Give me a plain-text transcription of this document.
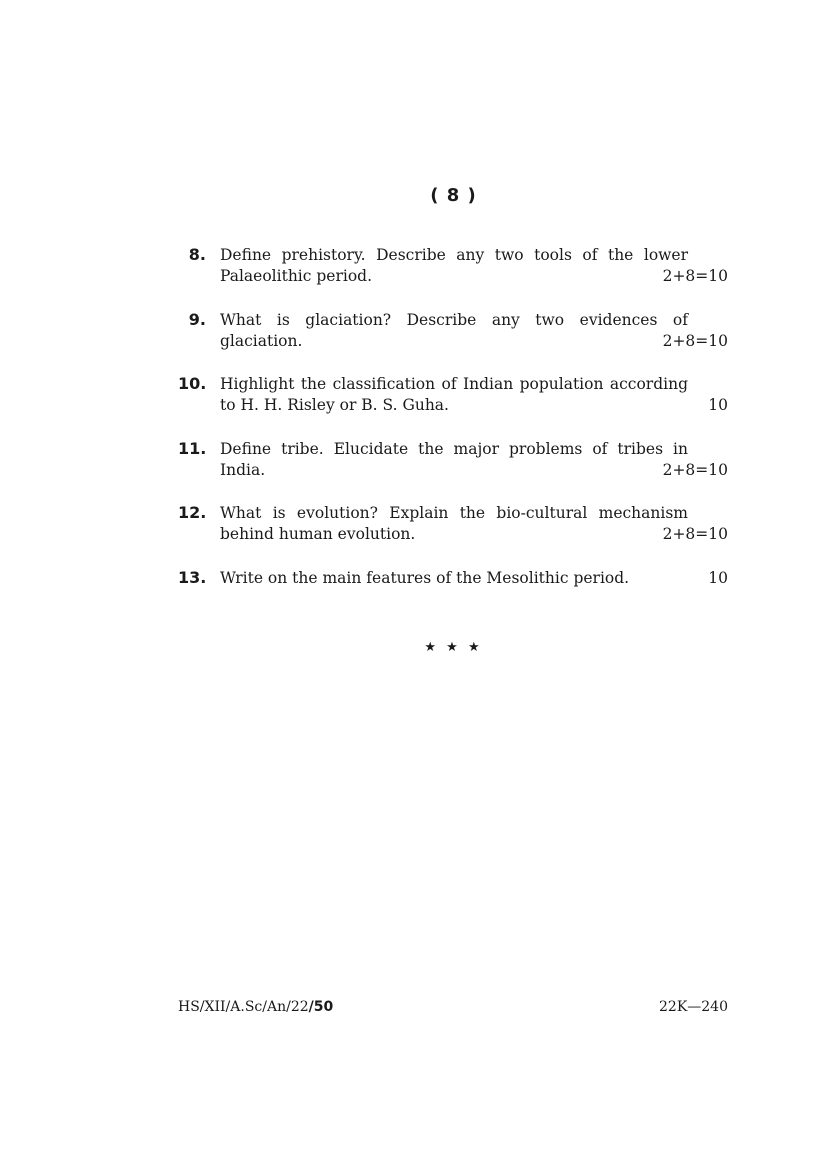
( 8 )
8. Define prehistory. Describe any two tools of the lower Palaeolithic period.	2+8=10
9. What is glaciation? Describe any two evidences of glaciation.	2+8=10
10. Highlight the classification of Indian population according to H. H. Risley or B. S. Guha.	10
11. Define tribe. Elucidate the major problems of tribes in India.	2+8=10
12. What is evolution? Explain the bio-cultural mechanism behind human evolution.	2+8=10
13. Write on the main features of the Mesolithic period.	10
★ ★ ★
HS/XII/A.Sc/An/22/50	22K—240
